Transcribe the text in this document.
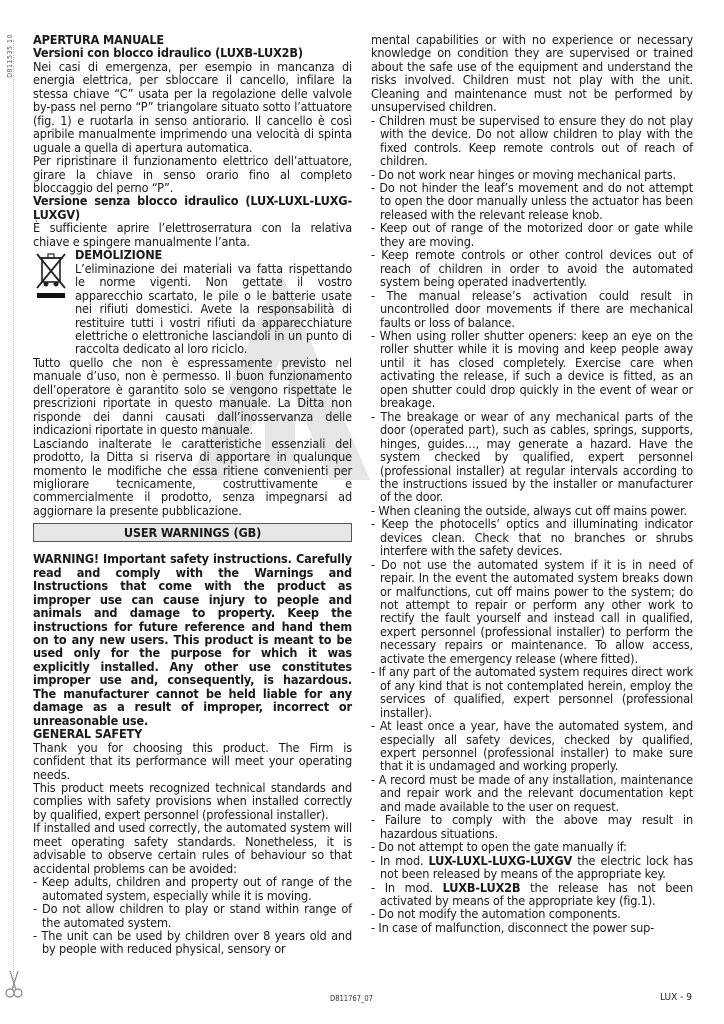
D811535 10	APERTURA MANUALE

Versioni con blocco idraulico (LUXB-LUX2B)

Nei casi di emergenza, per esempio in mancanza di energia elettrica, per sbloccare il cancello, infilare la stessa chiave “C” usata per la regolazione delle valvole by-pass nel perno “P” triangolare situato sotto l’attuatore (fig. 1) e ruotarla in senso antiorario. Il cancello è così apribile manualmente imprimendo una velocità di spinta uguale a quella di apertura automatica.

Per ripristinare il funzionamento elettrico dell’attuatore, girare la chiave in senso orario fino al completo bloccaggio del perno “P”.

Versione senza blocco idraulico (LUX-LUXL-LUXG-LUXGV)

È sufficiente aprire l’elettroserratura con la relativa chiave e spingere manualmente l’anta.

DEMOLIZIONE

L’eliminazione dei materiali va fatta rispettando le norme vigenti. Non gettate il vostro apparecchio scartato, le pile o le batterie usate nei rifiuti domestici. Avete la responsabilità di restituire tutti i vostri rifiuti da apparecchiature elettriche o elettroniche lasciandoli in un punto di raccolta dedicato al loro riciclo.

Tutto quello che non è espressamente previsto nel manuale d’uso, non è permesso. Il buon funzionamento dell’operatore è garantito solo se vengono rispettate le prescrizioni riportate in questo manuale. La Ditta non risponde dei danni causati dall’inosservanza delle indicazioni riportate in questo manuale.

Lasciando inalterate le caratteristiche essenziali del prodotto, la Ditta si riserva di apportare in qualunque momento le modifiche che essa ritiene convenienti per migliorare tecnicamente, costruttivamente e commercialmente il prodotto, senza impegnarsi ad aggiornare la presente pubblicazione.

USER WARNINGS (GB)

WARNING! Important safety instructions. Carefully read and comply with the Warnings and Instructions that come with the product as improper use can cause injury to people and animals and damage to property. Keep the instructions for future reference and hand them on to any new users. This product is meant to be used only for the purpose for which it was explicitly installed. Any other use constitutes improper use and, consequently, is hazardous. The manufacturer cannot be held liable for any damage as a result of improper, incorrect or unreasonable use.

GENERAL SAFETY

Thank you for choosing this product. The Firm is confident that its performance will meet your operating needs.

This product meets recognized technical standards and complies with safety provisions when installed correctly by qualified, expert personnel (professional installer).

If installed and used correctly, the automated system will meet operating safety standards. Nonetheless, it is advisable to observe certain rules of behaviour so that accidental problems can be avoided:

- Keep adults, children and property out of range of the automated system, especially while it is moving.

- Do not allow children to play or stand within range of the automated system.

- The unit can be used by children over 8 years old and by people with reduced physical, sensory or

mental capabilities or with no experience or necessary knowledge on condition they are supervised or trained about the safe use of the equipment and understand the risks involved. Children must not play with the unit. Cleaning and maintenance must not be performed by unsupervised children.

- Children must be supervised to ensure they do not play with the device. Do not allow children to play with the fixed controls. Keep remote controls out of reach of children.

- Do not work near hinges or moving mechanical parts.

- Do not hinder the leaf’s movement and do not attempt to open the door manually unless the actuator has been released with the relevant release knob.

- Keep out of range of the motorized door or gate while they are moving.

- Keep remote controls or other control devices out of reach of children in order to avoid the automated system being operated inadvertently.

- The manual release’s activation could result in uncontrolled door movements if there are mechanical faults or loss of balance.

- When using roller shutter openers: keep an eye on the roller shutter while it is moving and keep people away until it has closed completely. Exercise care when activating the release, if such a device is fitted, as an open shutter could drop quickly in the event of wear or breakage.

- The breakage or wear of any mechanical parts of the door (operated part), such as cables, springs, supports, hinges, guides…, may generate a hazard. Have the system checked by qualified, expert personnel (professional installer) at regular intervals according to the instructions issued by the installer or manufacturer of the door.

- When cleaning the outside, always cut off mains power.

- Keep the photocells’ optics and illuminating indicator devices clean. Check that no branches or shrubs interfere with the safety devices.

- Do not use the automated system if it is in need of repair. In the event the automated system breaks down or malfunctions, cut off mains power to the system; do not attempt to repair or perform any other work to rectify the fault yourself and instead call in qualified, expert personnel (professional installer) to perform the necessary repairs or maintenance. To allow access, activate the emergency release (where fitted).

- If any part of the automated system requires direct work of any kind that is not contemplated herein, employ the services of qualified, expert personnel (professional installer).

- At least once a year, have the automated system, and especially all safety devices, checked by qualified, expert personnel (professional installer) to make sure that it is undamaged and working properly.

- A record must be made of any installation, maintenance and repair work and the relevant documentation kept and made available to the user on request.

- Failure to comply with the above may result in hazardous situations.

- Do not attempt to open the gate manually if:

- In mod. LUX-LUXL-LUXG-LUXGV the electric lock has not been released by means of the appropriate key.

- In mod. LUXB-LUX2B the release has not been activated by means of the appropriate key (fig.1).

- Do not modify the automation components.

- In case of malfunction, disconnect the power sup-

D811767_07	LUX - 9
